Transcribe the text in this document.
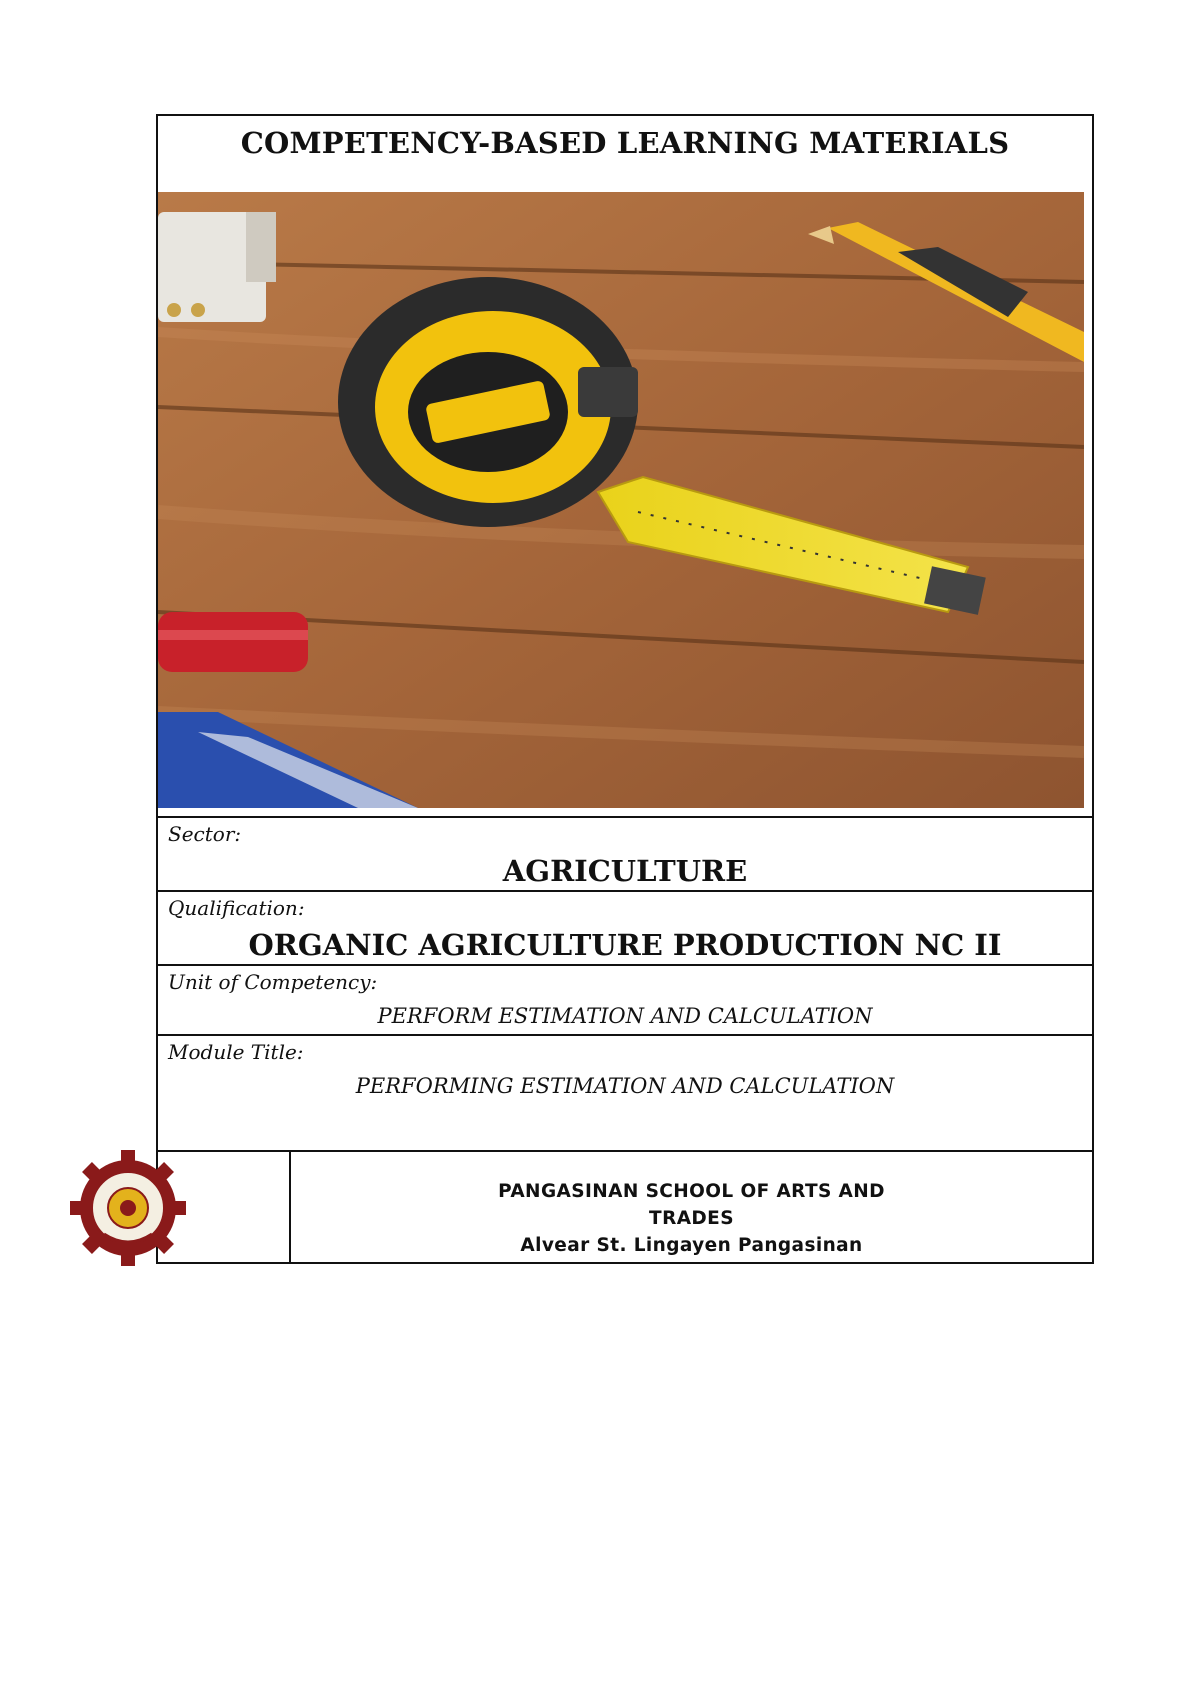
COMPETENCY-BASED LEARNING MATERIALS
Sector:
AGRICULTURE
Qualification:
ORGANIC AGRICULTURE PRODUCTION NC II
Unit of Competency:
PERFORM ESTIMATION AND CALCULATION
Module Title:
PERFORMING ESTIMATION AND CALCULATION
PANGASINAN SCHOOL OF ARTS AND
TRADES
Alvear St. Lingayen Pangasinan
